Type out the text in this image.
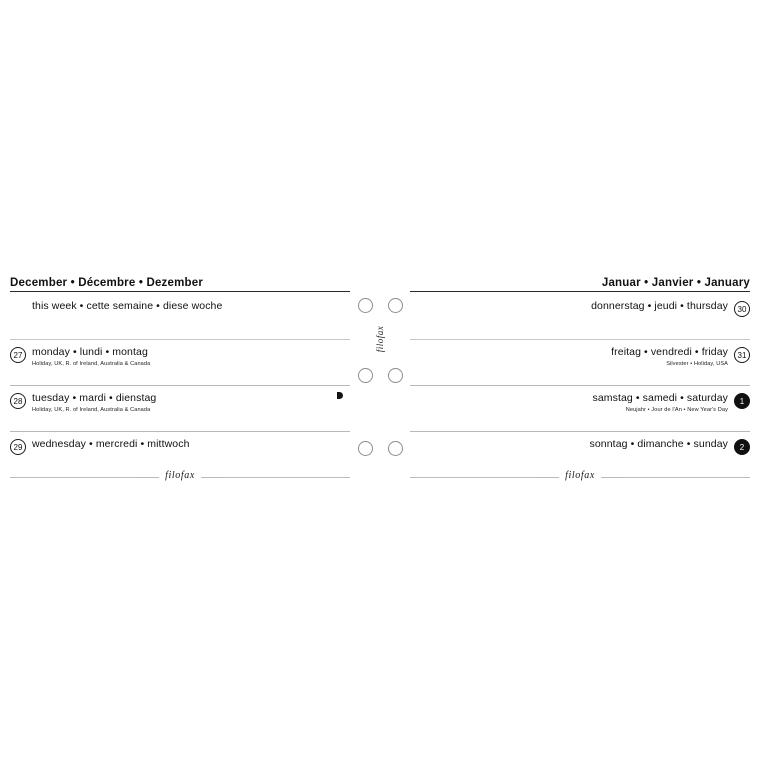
December • Décembre • Dezember
this week • cette semaine • diese woche
27 monday • lundi • montag
Holiday, UK, R. of Ireland, Australia & Canada
28 tuesday • mardi • dienstag
Holiday, UK, R. of Ireland, Australia & Canada
29 wednesday • mercredi • mittwoch
filofax
filofax
Januar • Janvier • January
30
donnerstag • jeudi • thursday
31
freitag • vendredi • friday
Silvester • Holiday, USA
1
samstag • samedi • saturday
Neujahr • Jour de l'An • New Year's Day
2
sonntag • dimanche • sunday
filofax
